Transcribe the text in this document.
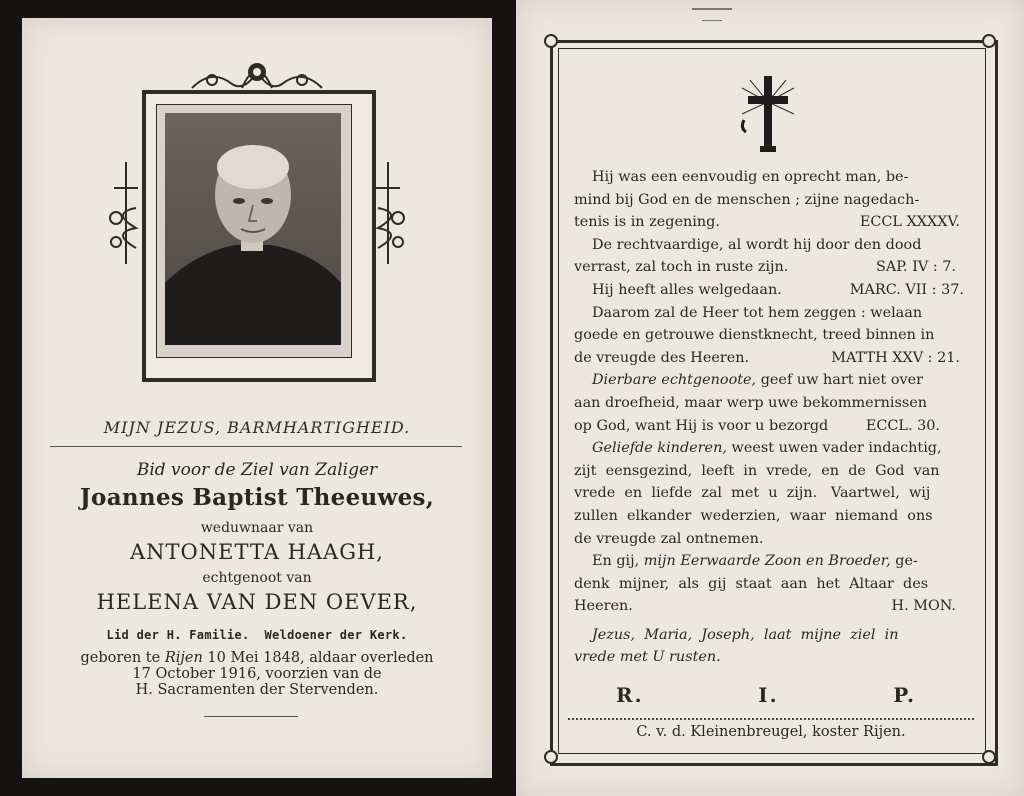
MIJN JEZUS, BARMHARTIGHEID.
Bid voor de Ziel van Zaliger
Joannes Baptist Theeuwes,
weduwnaar van
ANTONETTA HAAGH,
echtgenoot van
HELENA VAN DEN OEVER,
Lid der H. Familie.  Weldoener der Kerk.
geboren te Rijen 10 Mei 1848, aldaar overleden
17 October 1916, voorzien van de
H. Sacramenten der Stervenden.

Hij was een eenvoudig en oprecht man, be-

mind bij God en de menschen ; zijne nagedach-

tenis is in zegening.	ECCL XXXXV.

De rechtvaardige, al wordt hij door den dood

verrast, zal toch in ruste zijn.	SAP. IV : 7.
Hij heeft alles welgedaan.	MARC. VII : 37.

Daarom zal de Heer tot hem zeggen : welaan

goede en getrouwe dienstknecht, treed binnen in

de vreugde des Heeren.	MATTH XXV : 21.

Dierbare echtgenoote, geef uw hart niet over

aan droefheid, maar werp uwe bekommernissen

op God, want Hij is voor u bezorgd	ECCL. 30.

Geliefde kinderen, weest uwen vader indachtig,

zijt  eensgezind,  leeft  in  vrede,  en  de  God  van

vrede  en  liefde  zal  met  u  zijn.   Vaartwel,  wij

zullen  elkander  wederzien,  waar  niemand  ons

de vreugde zal ontnemen.

En gij, mijn Eerwaarde Zoon en Broeder, ge-

denk  mijner,  als  gij  staat  aan  het  Altaar  des

Heeren.	H. MON.

Jezus,  Maria,  Joseph,  laat  mijne  ziel  in

vrede met U rusten.

R.	I.	P.
C. v. d. Kleinenbreugel, koster Rijen.
